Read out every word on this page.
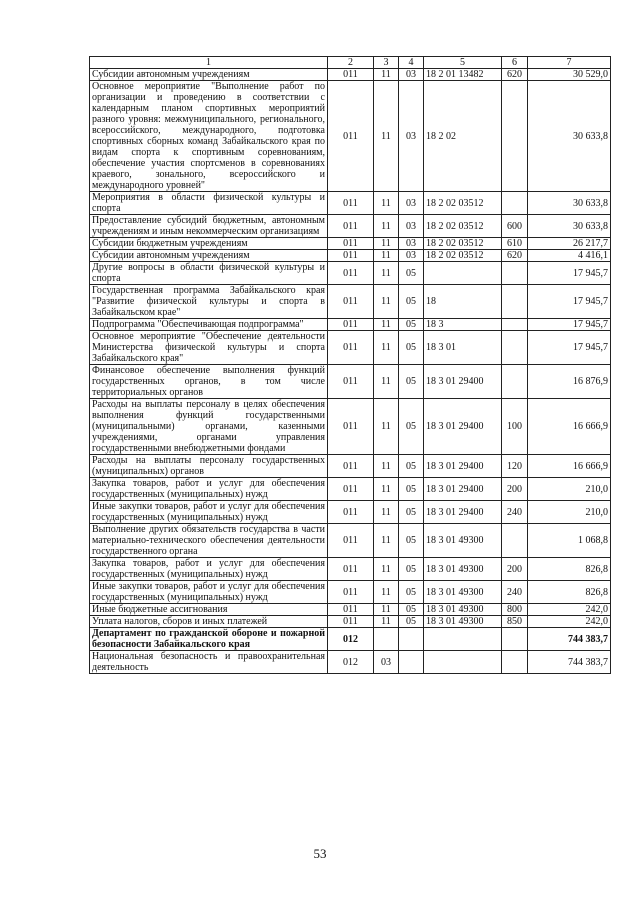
1	2	3	4	5	6	7
Субсидии автономным учреждениям	011	11	03	18 2 01 13482	620	30 529,0
Основное мероприятие "Выполнение работ по организации и проведению в соответствии с календарным планом спортивных мероприятий разного уровня: межмуниципального, регионального, всероссийского, международного, подготовка спортивных сборных команд Забайкальского края по видам спорта к спортивным соревнованиям, обеспечение участия спортсменов в соревнованиях краевого, зонального, всероссийского и международного уровней"	011	11	03	18 2 02		30 633,8
Мероприятия в области физической культуры и спорта	011	11	03	18 2 02 03512		30 633,8
Предоставление субсидий бюджетным, автономным учреждениям и иным некоммерческим организациям	011	11	03	18 2 02 03512	600	30 633,8
Субсидии бюджетным учреждениям	011	11	03	18 2 02 03512	610	26 217,7
Субсидии автономным учреждениям	011	11	03	18 2 02 03512	620	4 416,1
Другие вопросы в области физической культуры и спорта	011	11	05			17 945,7
Государственная программа Забайкальского края "Развитие физической культуры и спорта в Забайкальском крае"	011	11	05	18		17 945,7
Подпрограмма "Обеспечивающая подпрограмма"	011	11	05	18 3		17 945,7
Основное мероприятие "Обеспечение деятельности Министерства физической культуры и спорта Забайкальского края"	011	11	05	18 3 01		17 945,7
Финансовое обеспечение выполнения функций государственных органов, в том числе территориальных органов	011	11	05	18 3 01 29400		16 876,9
Расходы на выплаты персоналу в целях обеспечения выполнения функций государственными (муниципальными) органами, казенными учреждениями, органами управления государственными внебюджетными фондами	011	11	05	18 3 01 29400	100	16 666,9
Расходы на выплаты персоналу государственных (муниципальных) органов	011	11	05	18 3 01 29400	120	16 666,9
Закупка товаров, работ и услуг для обеспечения государственных (муниципальных) нужд	011	11	05	18 3 01 29400	200	210,0
Иные закупки товаров, работ и услуг для обеспечения государственных (муниципальных) нужд	011	11	05	18 3 01 29400	240	210,0
Выполнение других обязательств государства в части материально-технического обеспечения деятельности государственного органа	011	11	05	18 3 01 49300		1 068,8
Закупка товаров, работ и услуг для обеспечения государственных (муниципальных) нужд	011	11	05	18 3 01 49300	200	826,8
Иные закупки товаров, работ и услуг для обеспечения государственных (муниципальных) нужд	011	11	05	18 3 01 49300	240	826,8
Иные бюджетные ассигнования	011	11	05	18 3 01 49300	800	242,0
Уплата налогов, сборов и иных платежей	011	11	05	18 3 01 49300	850	242,0
Департамент по гражданской обороне и пожарной безопасности Забайкальского края	012					744 383,7
Национальная безопасность и правоохранительная деятельность	012	03				744 383,7
53
